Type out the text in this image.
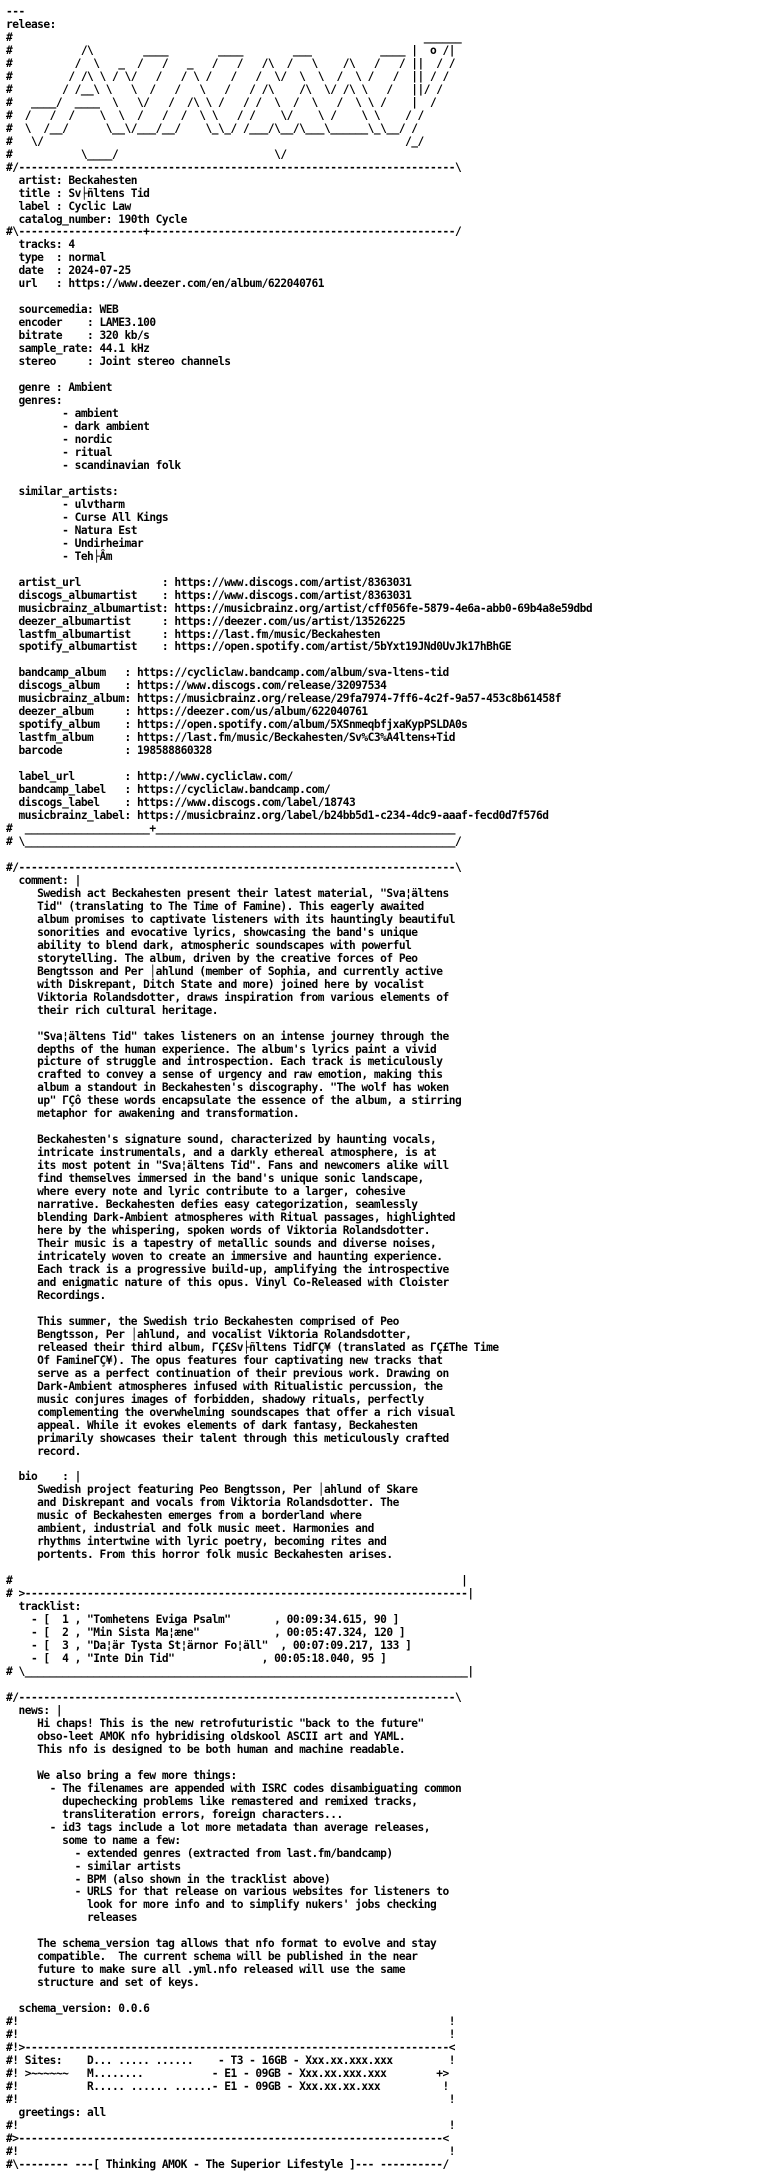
---
release:
#                                                                  ______
#           /\        ____        ____        ___           ____ |  o /|
#          /  \   _  /   /   _   /   /   /\  /   \    /\   /   / ||  / /
#         / /\ \ / \/   /   / \ /   /   /  \/  \  \  /  \ /   /  || / /
#        / /__\ \   \  /   /   \   /   / /\    /\  \/ /\ \   /   ||/ /
#   ____/  ____  \   \/   /  /\ \ /   / /  \  /  \   /  \ \ /    |  /
#  /   /  /    \  \  /   /  /  \ \   / /    \/    \ /    \ \    / /
#  \  /__/      \__\/___/__/    \_\_/ /___/\__/\___\______\_\__/ /
#   \/                                                          /_/
#           \____/                         \/
#/----------------------------------------------------------------------\
artist: Beckahesten
title : Sv├ñltens Tid
label : Cyclic Law
catalog_number: 190th Cycle
#\--------------------+-------------------------------------------------/
tracks: 4
type  : normal
date  : 2024-07-25
url   : https://www.deezer.com/en/album/622040761

sourcemedia: WEB
encoder    : LAME3.100
bitrate    : 320 kb/s
sample_rate: 44.1 kHz
stereo     : Joint stereo channels

genre : Ambient
genres:
- ambient
- dark ambient
- nordic
- ritual
- scandinavian folk

similar_artists:
- ulvtharm
- Curse All Kings
- Natura Est
- Undirheimar
- Teh├Âm

artist_url             : https://www.discogs.com/artist/8363031
discogs_albumartist    : https://www.discogs.com/artist/8363031
musicbrainz_albumartist: https://musicbrainz.org/artist/cff056fe-5879-4e6a-abb0-69b4a8e59dbd
deezer_albumartist     : https://deezer.com/us/artist/13526225
lastfm_albumartist     : https://last.fm/music/Beckahesten
spotify_albumartist    : https://open.spotify.com/artist/5bYxt19JNd0UvJk17hBhGE

bandcamp_album   : https://cycliclaw.bandcamp.com/album/sva-ltens-tid
discogs_album    : https://www.discogs.com/release/32097534
musicbrainz_album: https://musicbrainz.org/release/29fa7974-7ff6-4c2f-9a57-453c8b61458f
deezer_album     : https://deezer.com/us/album/622040761
spotify_album    : https://open.spotify.com/album/5XSnmeqbfjxaKypPSLDA0s
lastfm_album     : https://last.fm/music/Beckahesten/Sv%C3%A4ltens+Tid
barcode          : 198588860328

label_url        : http://www.cycliclaw.com/
bandcamp_label   : https://cycliclaw.bandcamp.com/
discogs_label    : https://www.discogs.com/label/18743
musicbrainz_label: https://musicbrainz.org/label/b24bb5d1-c234-4dc9-aaaf-fecd0d7f576d
#  ____________________+________________________________________________
# \_____________________________________________________________________/

#/----------------------------------------------------------------------\
comment: |
Swedish act Beckahesten present their latest material, "Sva¦ältens
Tid" (translating to The Time of Famine). This eagerly awaited
album promises to captivate listeners with its hauntingly beautiful
sonorities and evocative lyrics, showcasing the band's unique
ability to blend dark, atmospheric soundscapes with powerful
storytelling. The album, driven by the creative forces of Peo
Bengtsson and Per │ahlund (member of Sophia, and currently active
with Diskrepant, Ditch State and more) joined here by vocalist
Viktoria Rolandsdotter, draws inspiration from various elements of
their rich cultural heritage.

"Sva¦ältens Tid" takes listeners on an intense journey through the
depths of the human experience. The album's lyrics paint a vivid
picture of struggle and introspection. Each track is meticulously
crafted to convey a sense of urgency and raw emotion, making this
album a standout in Beckahesten's discography. "The wolf has woken
up" ΓÇô these words encapsulate the essence of the album, a stirring
metaphor for awakening and transformation.

Beckahesten's signature sound, characterized by haunting vocals,
intricate instrumentals, and a darkly ethereal atmosphere, is at
its most potent in "Sva¦ältens Tid". Fans and newcomers alike will
find themselves immersed in the band's unique sonic landscape,
where every note and lyric contribute to a larger, cohesive
narrative. Beckahesten defies easy categorization, seamlessly
blending Dark-Ambient atmospheres with Ritual passages, highlighted
here by the whispering, spoken words of Viktoria Rolandsdotter.
Their music is a tapestry of metallic sounds and diverse noises,
intricately woven to create an immersive and haunting experience.
Each track is a progressive build-up, amplifying the introspective
and enigmatic nature of this opus. Vinyl Co-Released with Cloister
Recordings.

This summer, the Swedish trio Beckahesten comprised of Peo
Bengtsson, Per │ahlund, and vocalist Viktoria Rolandsdotter,
released their third album, ΓÇ£Sv├ñltens TidΓÇ¥ (translated as ΓÇ£The Time
Of FamineΓÇ¥). The opus features four captivating new tracks that
serve as a perfect continuation of their previous work. Drawing on
Dark-Ambient atmospheres infused with Ritualistic percussion, the
music conjures images of forbidden, shadowy rituals, perfectly
complementing the overwhelming soundscapes that offer a rich visual
appeal. While it evokes elements of dark fantasy, Beckahesten
primarily showcases their talent through this meticulously crafted
record.

bio    : |
Swedish project featuring Peo Bengtsson, Per │ahlund of Skare
and Diskrepant and vocals from Viktoria Rolandsdotter. The
music of Beckahesten emerges from a borderland where
ambient, industrial and folk music meet. Harmonies and
rhythms intertwine with lyric poetry, becoming rites and
portents. From this horror folk music Beckahesten arises.

#                                                                        |
# >-----------------------------------------------------------------------|
tracklist:
- [  1 , "Tomhetens Eviga Psalm"       , 00:09:34.615, 90 ]
- [  2 , "Min Sista Ma¦æne"            , 00:05:47.324, 120 ]
- [  3 , "Da¦är Tysta St¦ärnor Fo¦äll"  , 00:07:09.217, 133 ]
- [  4 , "Inte Din Tid"              , 00:05:18.040, 95 ]
# \_______________________________________________________________________|

#/----------------------------------------------------------------------\
news: |
Hi chaps! This is the new retrofuturistic "back to the future"
obso-leet AMOK nfo hybridising oldskool ASCII art and YAML.
This nfo is designed to be both human and machine readable.

We also bring a few more things:
- The filenames are appended with ISRC codes disambiguating common
dupechecking problems like remastered and remixed tracks,
transliteration errors, foreign characters...
- id3 tags include a lot more metadata than average releases,
some to name a few:
- extended genres (extracted from last.fm/bandcamp)
- similar artists
- BPM (also shown in the tracklist above)
- URLS for that release on various websites for listeners to
look for more info and to simplify nukers' jobs checking
releases

The schema_version tag allows that nfo format to evolve and stay
compatible.  The current schema will be published in the near
future to make sure all .yml.nfo released will use the same
structure and set of keys.

schema_version: 0.0.6
#!                                                                     !
#!                                                                     !
#!>--------------------------------------------------------------------<
#! Sites:    D... ..... ......    - T3 - 16GB - Xxx.xx.xxx.xxx         !
#! >~~~~~~   M........           - E1 - 09GB - Xxx.xx.xxx.xxx        +>
#!           R..... ...... ......- E1 - 09GB - Xxx.xx.xx.xxx          !
#!                                                                     !
greetings: all
#!                                                                     !
#>--------------------------------------------------------------------<
#!                                                                     !
#\-------- ---[ Thinking AMOK - The Superior Lifestyle ]--- ----------/
